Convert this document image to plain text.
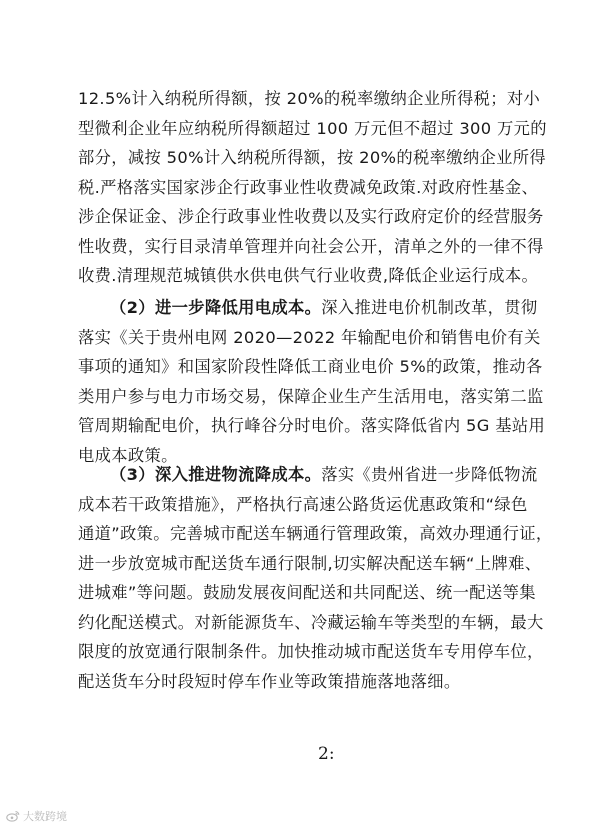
12.5%计入纳税所得额，按 20%的税率缴纳企业所得税；对小
型微利企业年应纳税所得额超过 100 万元但不超过 300 万元的
部分，减按 50%计入纳税所得额，按 20%的税率缴纳企业所得
税.严格落实国家涉企行政事业性收费减免政策.对政府性基金、
涉企保证金、涉企行政事业性收费以及实行政府定价的经营服务
性收费，实行目录清单管理并向社会公开，清单之外的一律不得
收费.清理规范城镇供水供电供气行业收费,降低企业运行成本。
（2）进一步降低用电成本。深入推进电价机制改革，贯彻
落实《关于贵州电网 2020—2022 年输配电价和销售电价有关
事项的通知》和国家阶段性降低工商业电价 5%的政策，推动各
类用户参与电力市场交易，保障企业生产生活用电，落实第二监
管周期输配电价，执行峰谷分时电价。落实降低省内 5G 基站用
电成本政策。
（3）深入推进物流降成本。落实《贵州省进一步降低物流
成本若干政策措施》，严格执行高速公路货运优惠政策和“绿色
通道”政策。完善城市配送车辆通行管理政策，高效办理通行证，
进一步放宽城市配送货车通行限制,切实解决配送车辆“上牌难、
进城难”等问题。鼓励发展夜间配送和共同配送、统一配送等集
约化配送模式。对新能源货车、冷藏运输车等类型的车辆，最大
限度的放宽通行限制条件。加快推动城市配送货车专用停车位，
配送货车分时段短时停车作业等政策措施落地落细。
2:
大数跨境
